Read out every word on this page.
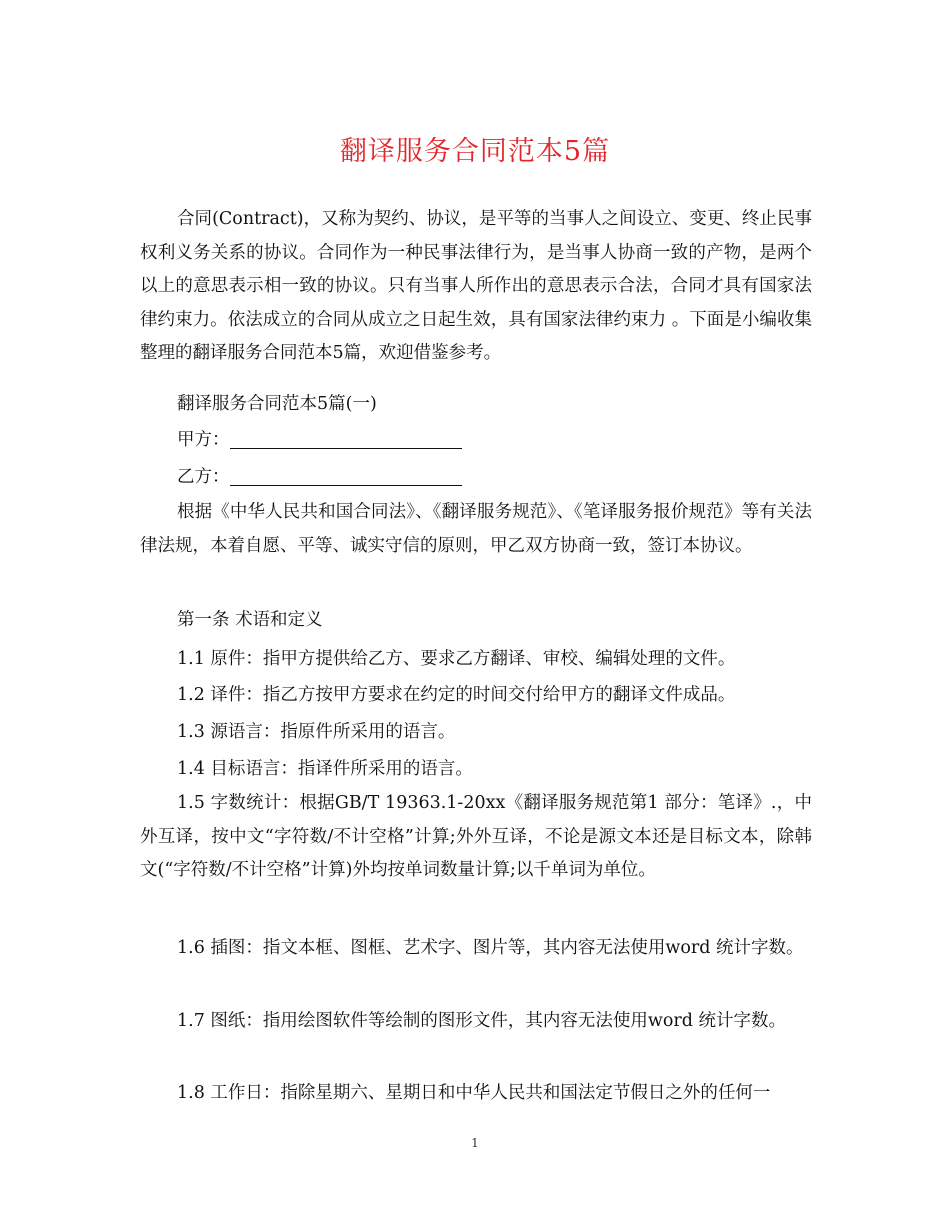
翻译服务合同范本5篇
合同(Contract)，又称为契约、协议，是平等的当事人之间设立、变更、终止民事权利义务关系的协议。合同作为一种民事法律行为，是当事人协商一致的产物，是两个以上的意思表示相一致的协议。只有当事人所作出的意思表示合法，合同才具有国家法律约束力。依法成立的合同从成立之日起生效，具有国家法律约束力 。下面是小编收集整理的翻译服务合同范本5篇，欢迎借鉴参考。
翻译服务合同范本5篇(一)
甲方：
乙方：
根据《中华人民共和国合同法》、《翻译服务规范》、《笔译服务报价规范》等有关法律法规，本着自愿、平等、诚实守信的原则，甲乙双方协商一致，签订本协议。
第一条 术语和定义
1.1 原件：指甲方提供给乙方、要求乙方翻译、审校、编辑处理的文件。
1.2 译件：指乙方按甲方要求在约定的时间交付给甲方的翻译文件成品。
1.3 源语言：指原件所采用的语言。
1.4 目标语言：指译件所采用的语言。
1.5 字数统计：根据GB/T 19363.1-20xx《翻译服务规范第1 部分：笔译》.，中外互译，按中文“字符数/不计空格”计算;外外互译，不论是源文本还是目标文本，除韩文(“字符数/不计空格”计算)外均按单词数量计算;以千单词为单位。
1.6 插图：指文本框、图框、艺术字、图片等，其内容无法使用word 统计字数。
1.7 图纸：指用绘图软件等绘制的图形文件，其内容无法使用word 统计字数。
1.8 工作日：指除星期六、星期日和中华人民共和国法定节假日之外的任何一
1
